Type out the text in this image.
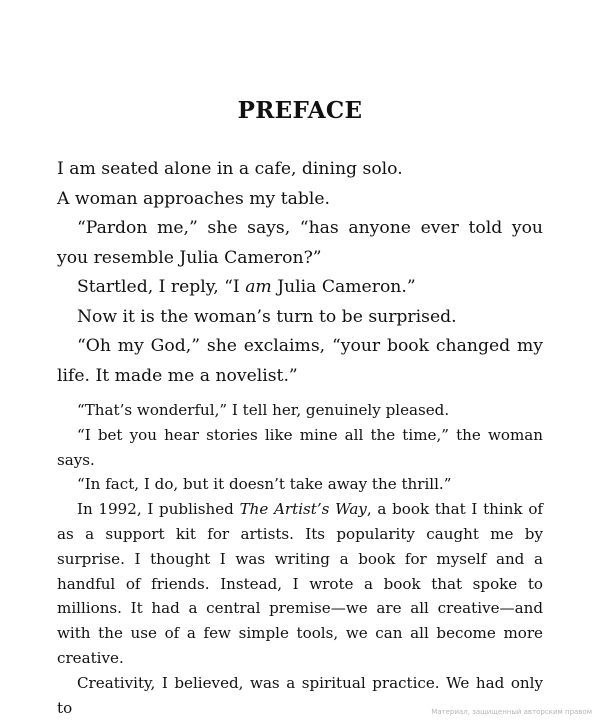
PREFACE

I am seated alone in a cafe, dining solo.

A woman approaches my table.

“Pardon me,” she says, “has anyone ever told you you resemble Julia Cameron?”

Startled, I reply, “I am Julia Cameron.”

Now it is the woman’s turn to be surprised.

“Oh my God,” she exclaims, “your book changed my life. It made me a novelist.”

“That’s wonderful,” I tell her, genuinely pleased.

“I bet you hear stories like mine all the time,” the woman says.

“In fact, I do, but it doesn’t take away the thrill.”

In 1992, I published The Artist’s Way, a book that I think of as a support kit for artists. Its popularity caught me by surprise. I thought I was writing a book for myself and a handful of friends. Instead, I wrote a book that spoke to millions. It had a central premise—we are all creative—and with the use of a few simple tools, we can all become more creative.

Creativity, I believed, was a spiritual practice. We had only to	Материал, защищенный авторским правом
